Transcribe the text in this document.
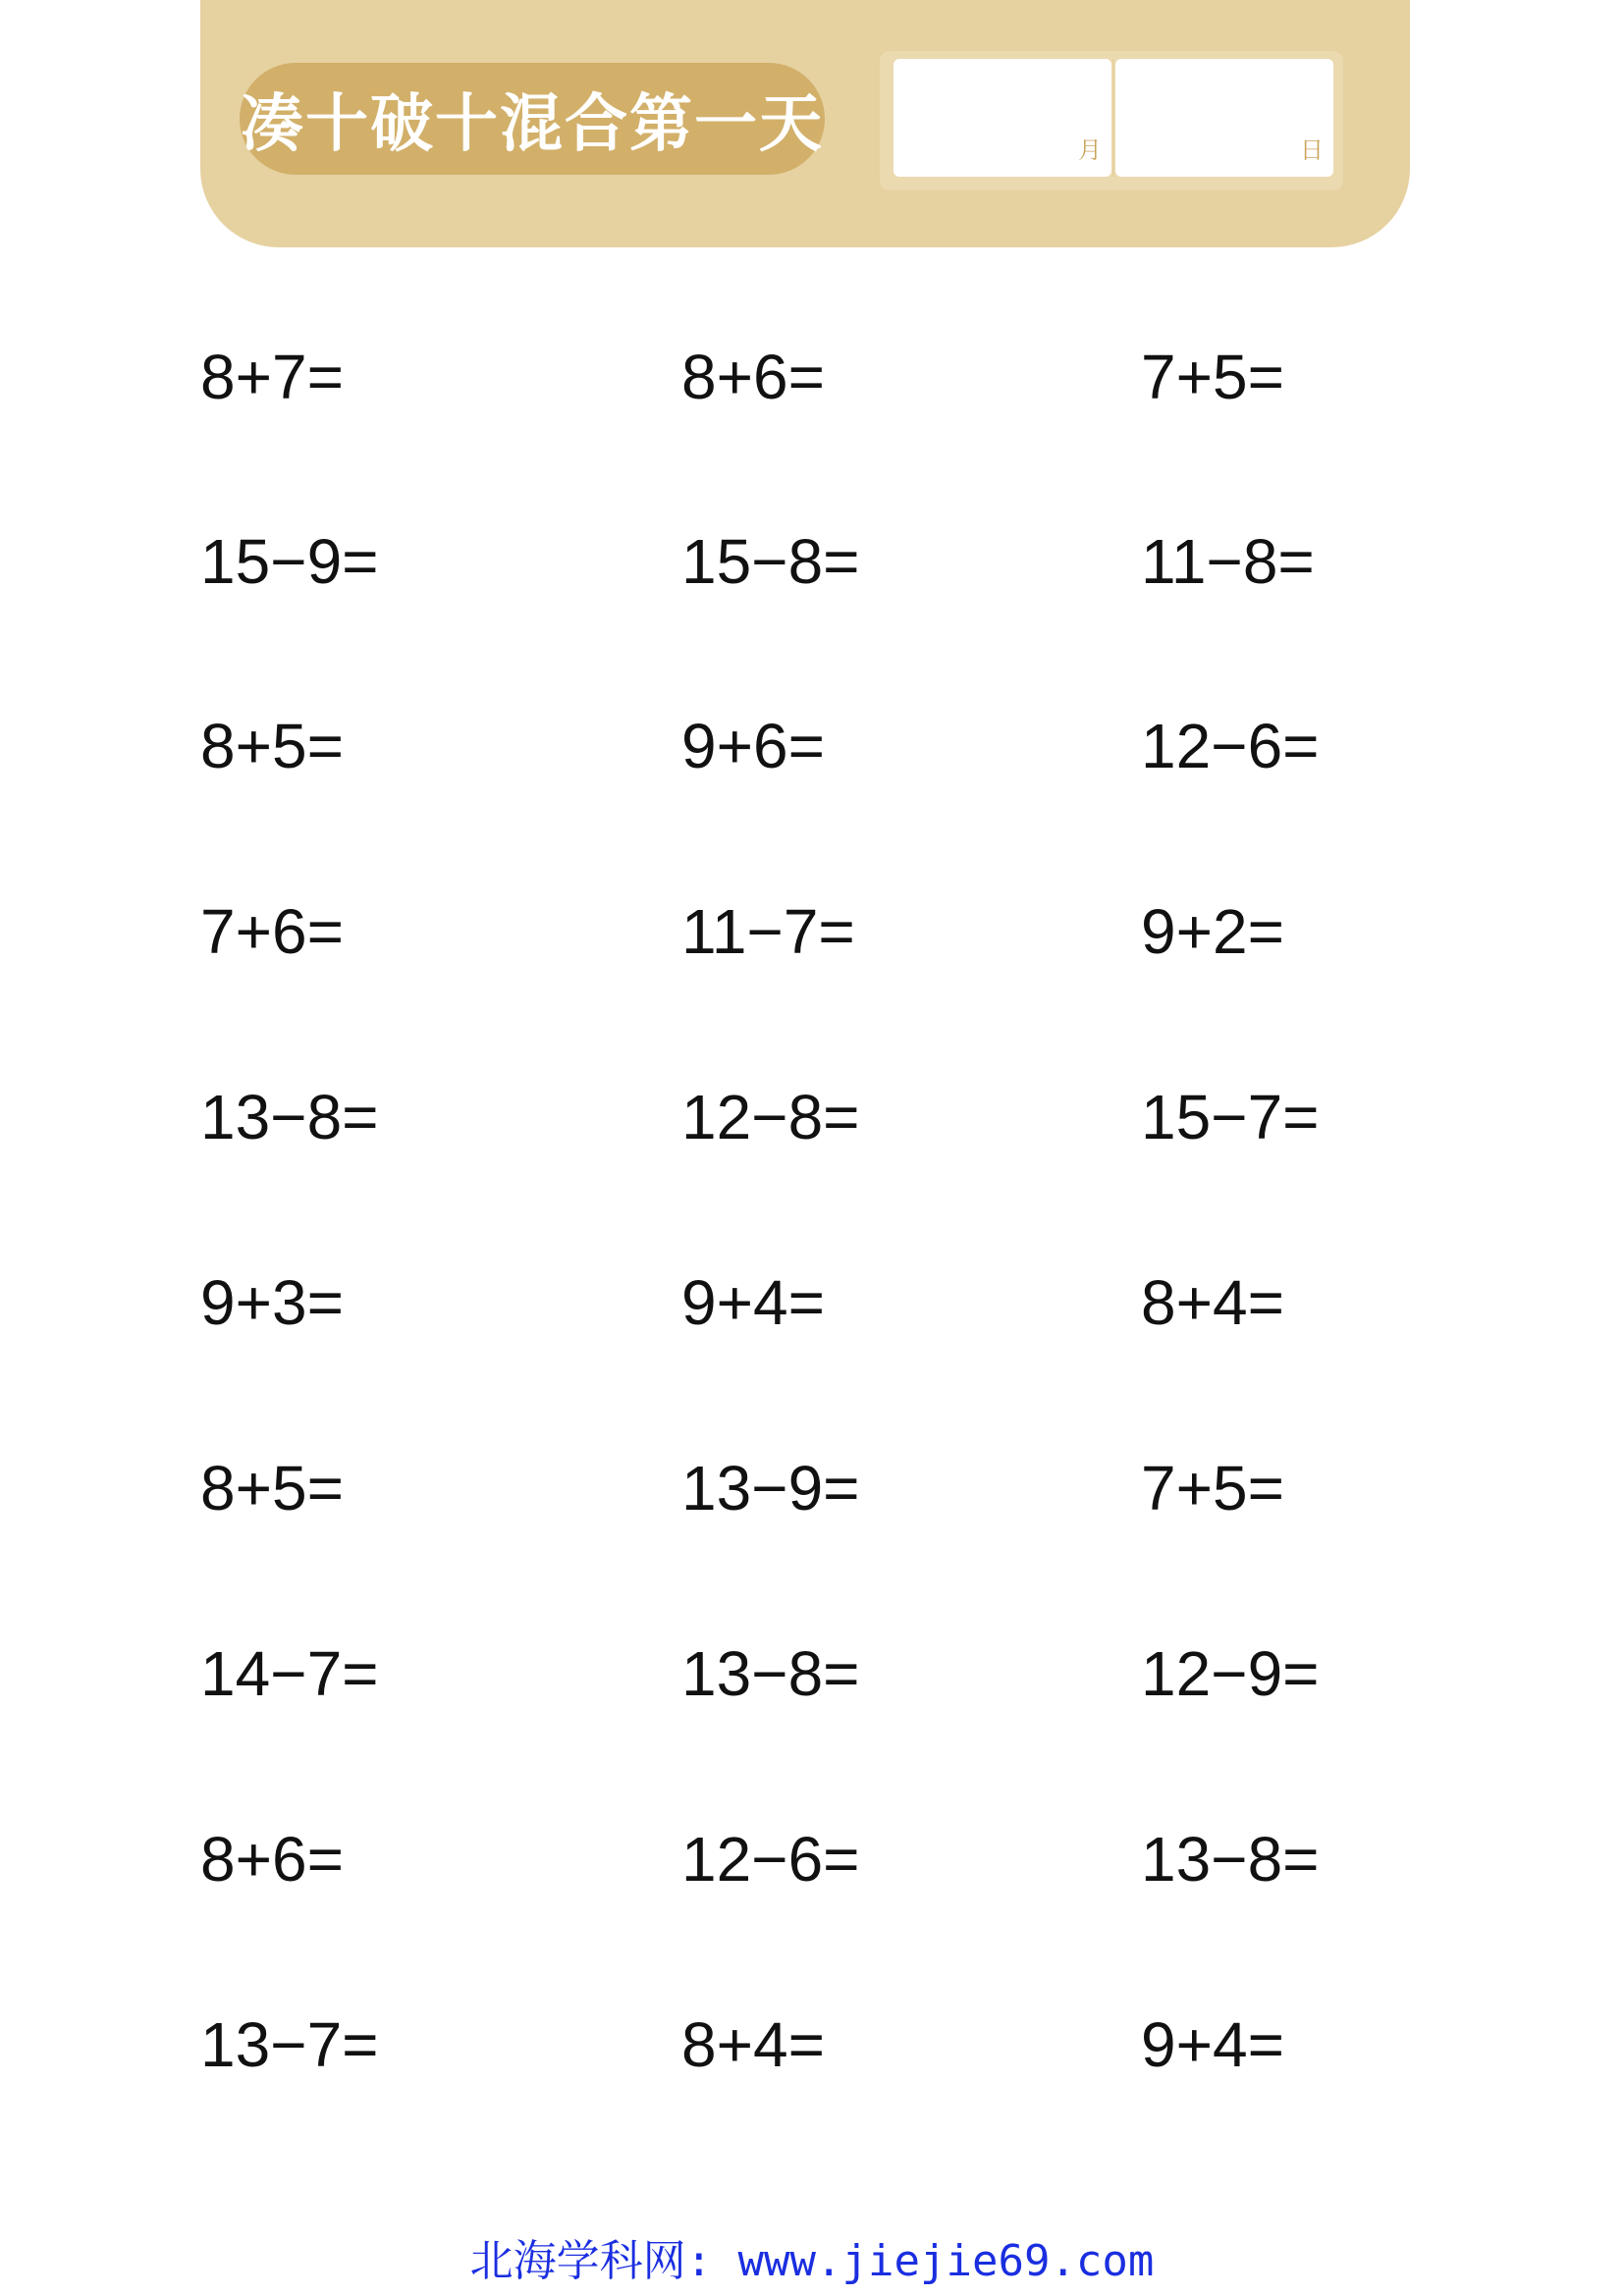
凑十破十混合第一天	月	日
8+7=	8+6=	7+5=
15−9=	15−8=	11−8=
8+5=	9+6=	12−6=
7+6=	11−7=	9+2=
13−8=	12−8=	15−7=
9+3=	9+4=	8+4=
8+5=	13−9=	7+5=
14−7=	13−8=	12−9=
8+6=	12−6=	13−8=
13−7=	8+4=	9+4=
北海学科网: www.jiejie69.com
